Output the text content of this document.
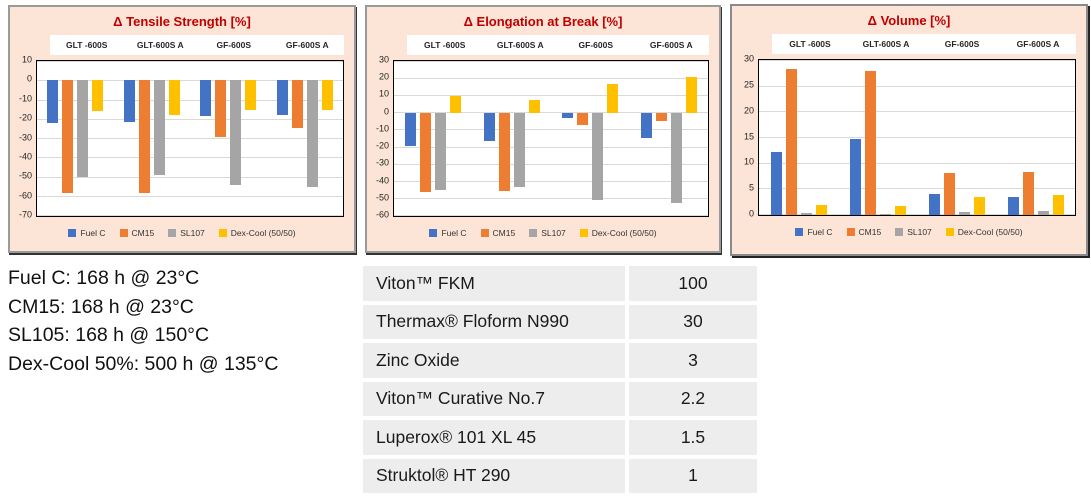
Δ Tensile Strength [%]
GLT -600S	GLT-600S A	GF-600S	GF-600S A
10
0
-10
-20
-30
-40
-50
-60
-70
Fuel C	CM15	SL107	Dex-Cool (50/50)
Δ Elongation at Break [%]
GLT -600S	GLT-600S A	GF-600S	GF-600S A
30
20
10
0
-10
-20
-30
-40
-50
-60
Fuel C	CM15	SL107	Dex-Cool (50/50)
Δ Volume [%]
GLT -600S	GLT-600S A	GF-600S	GF-600S A
30
25
20
15
10
5
0
Fuel C	CM15	SL107	Dex-Cool (50/50)
Fuel C: 168 h @ 23°C
CM15: 168 h @ 23°C
SL105: 168 h @ 150°C
Dex-Cool 50%: 500 h @ 135°C
Viton™ FKM	100
Thermax® Floform N990	30
Zinc Oxide	3
Viton™ Curative No.7	2.2
Luperox® 101 XL 45	1.5
Struktol® HT 290	1
